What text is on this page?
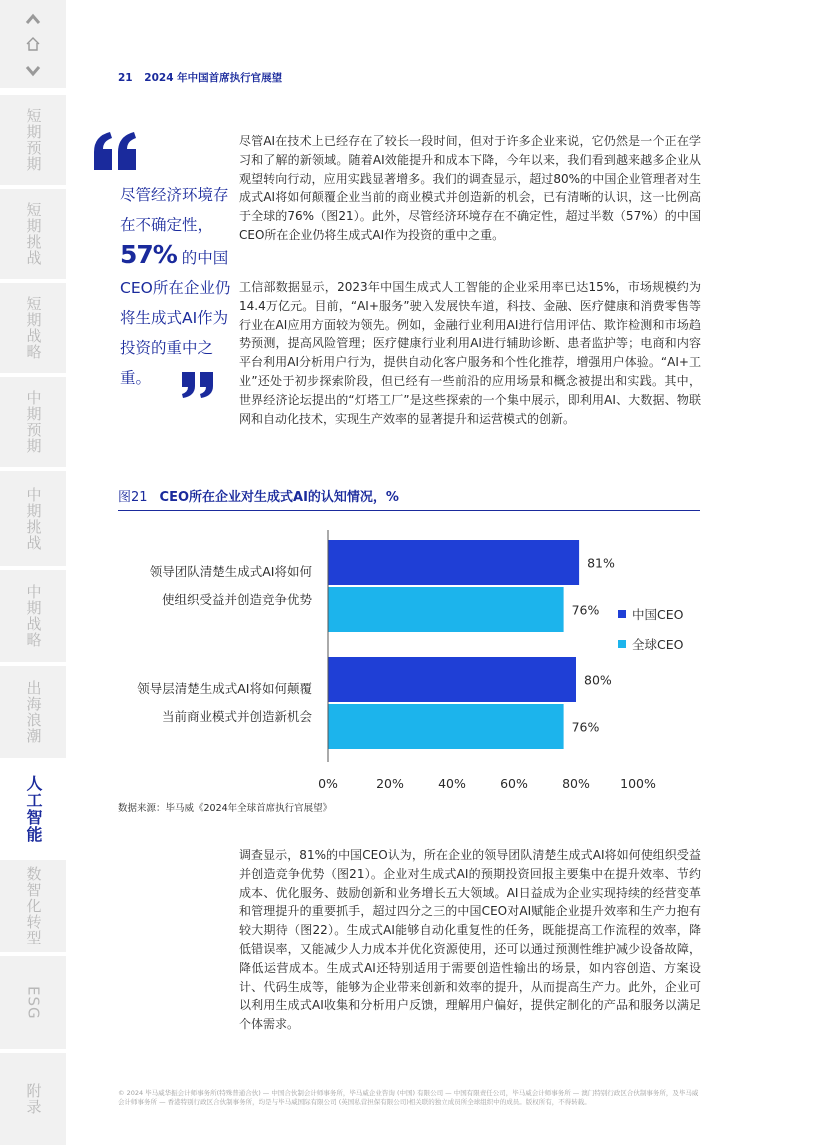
短期预期
短期挑战
短期战略
中期预期
中期挑战
中期战略
出海浪潮
人工智能
数智化转型
ESG
附录
21 2024 年中国首席执行官展望
尽管经济环境存在不确定性，57% 的中国CEO所在企业仍将生成式AI作为投资的重中之重。
尽管AI在技术上已经存在了较长一段时间，但对于许多企业来说，它仍然是一个正在学习和了解的新领域。随着AI效能提升和成本下降，今年以来，我们看到越来越多企业从观望转向行动，应用实践显著增多。我们的调查显示，超过80%的中国企业管理者对生成式AI将如何颠覆企业当前的商业模式并创造新的机会，已有清晰的认识，这一比例高于全球的76%（图21）。此外，尽管经济环境存在不确定性，超过半数（57%）的中国CEO所在企业仍将生成式AI作为投资的重中之重。
工信部数据显示，2023年中国生成式人工智能的企业采用率已达15%，市场规模约为14.4万亿元。目前，“AI+服务”驶入发展快车道，科技、金融、医疗健康和消费零售等行业在AI应用方面较为领先。例如，金融行业利用AI进行信用评估、欺诈检测和市场趋势预测，提高风险管理；医疗健康行业利用AI进行辅助诊断、患者监护等；电商和内容平台利用AI分析用户行为，提供自动化客户服务和个性化推荐，增强用户体验。“AI+工业”还处于初步探索阶段，但已经有一些前沿的应用场景和概念被提出和实践。其中，世界经济论坛提出的“灯塔工厂”是这些探索的一个集中展示，即利用AI、大数据、物联网和自动化技术，实现生产效率的显著提升和运营模式的创新。
图21 CEO所在企业对生成式AI的认知情况，%
81%
76%
领导团队清楚生成式AI将如何
使组织受益并创造竞争优势
80%
76%
领导层清楚生成式AI将如何颠覆
当前商业模式并创造新机会
0%	20%	40%	60%	80% 100%
中国CEO
全球CEO
数据来源：毕马威《2024年全球首席执行官展望》
调查显示，81%的中国CEO认为，所在企业的领导团队清楚生成式AI将如何使组织受益并创造竞争优势（图21）。企业对生成式AI的预期投资回报主要集中在提升效率、节约成本、优化服务、鼓励创新和业务增长五大领域。AI日益成为企业实现持续的经营变革和管理提升的重要抓手，超过四分之三的中国CEO对AI赋能企业提升效率和生产力抱有较大期待（图22）。生成式AI能够自动化重复性的任务，既能提高工作流程的效率，降低错误率，又能减少人力成本并优化资源使用，还可以通过预测性维护减少设备故障，降低运营成本。生成式AI还特别适用于需要创造性输出的场景，如内容创造、方案设计、代码生成等，能够为企业带来创新和效率的提升，从而提高生产力。此外，企业可以利用生成式AI收集和分析用户反馈，理解用户偏好，提供定制化的产品和服务以满足个体需求。
© 2024 毕马威华振会计师事务所(特殊普通合伙) — 中国合伙制会计师事务所，毕马威企业咨询 (中国) 有限公司 — 中国有限责任公司，毕马威会计师事务所 — 澳门特别行政区合伙制事务所，及毕马威会计师事务所 — 香港特别行政区合伙制事务所，均是与毕马威国际有限公司 (英国私营担保有限公司)相关联的独立成员所全球组织中的成员。版权所有，不得转载。
